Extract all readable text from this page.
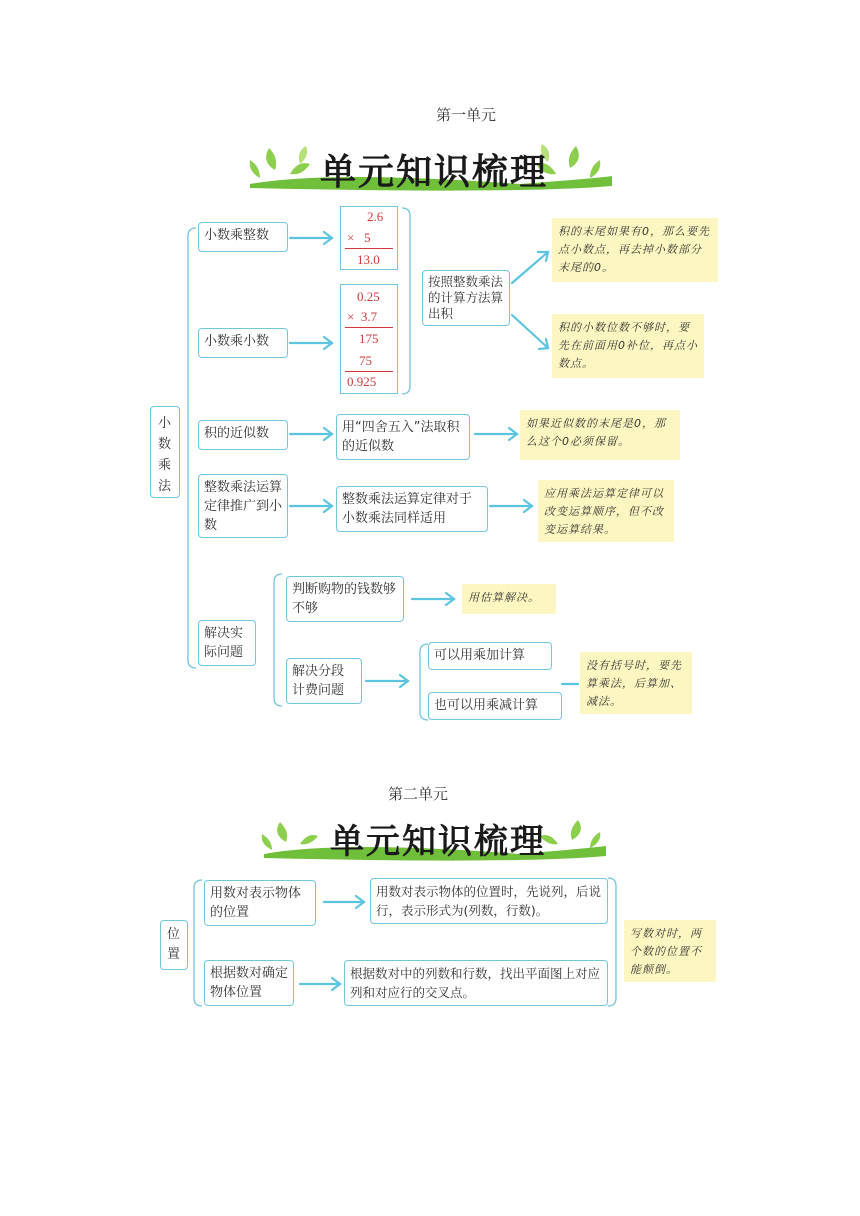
第一单元
单元知识梳理
小数乘法
小数乘整数
小数乘小数
积的近似数
整数乘法运算定律推广到小数
解决实际问题
2.6
×   5
13.0
0.25
×  3.7
175
75
0.925
按照整数乘法的计算方法算出积
积的末尾如果有0，那么要先点小数点，再去掉小数部分末尾的0。
积的小数位数不够时，要先在前面用0补位，再点小数点。
用“四舍五入”法取积的近似数
如果近似数的末尾是0，那么这个0必须保留。
整数乘法运算定律对于小数乘法同样适用
应用乘法运算定律可以改变运算顺序，但不改变运算结果。
判断购物的钱数够不够
用估算解决。
解决分段计费问题
可以用乘加计算
也可以用乘减计算
没有括号时，要先算乘法，后算加、减法。
第二单元
单元知识梳理
位置
用数对表示物体的位置
用数对表示物体的位置时，先说列，后说行，表示形式为(列数，行数)。
根据数对确定物体位置
根据数对中的列数和行数，找出平面图上对应列和对应行的交叉点。
写数对时，两个数的位置不能颠倒。
